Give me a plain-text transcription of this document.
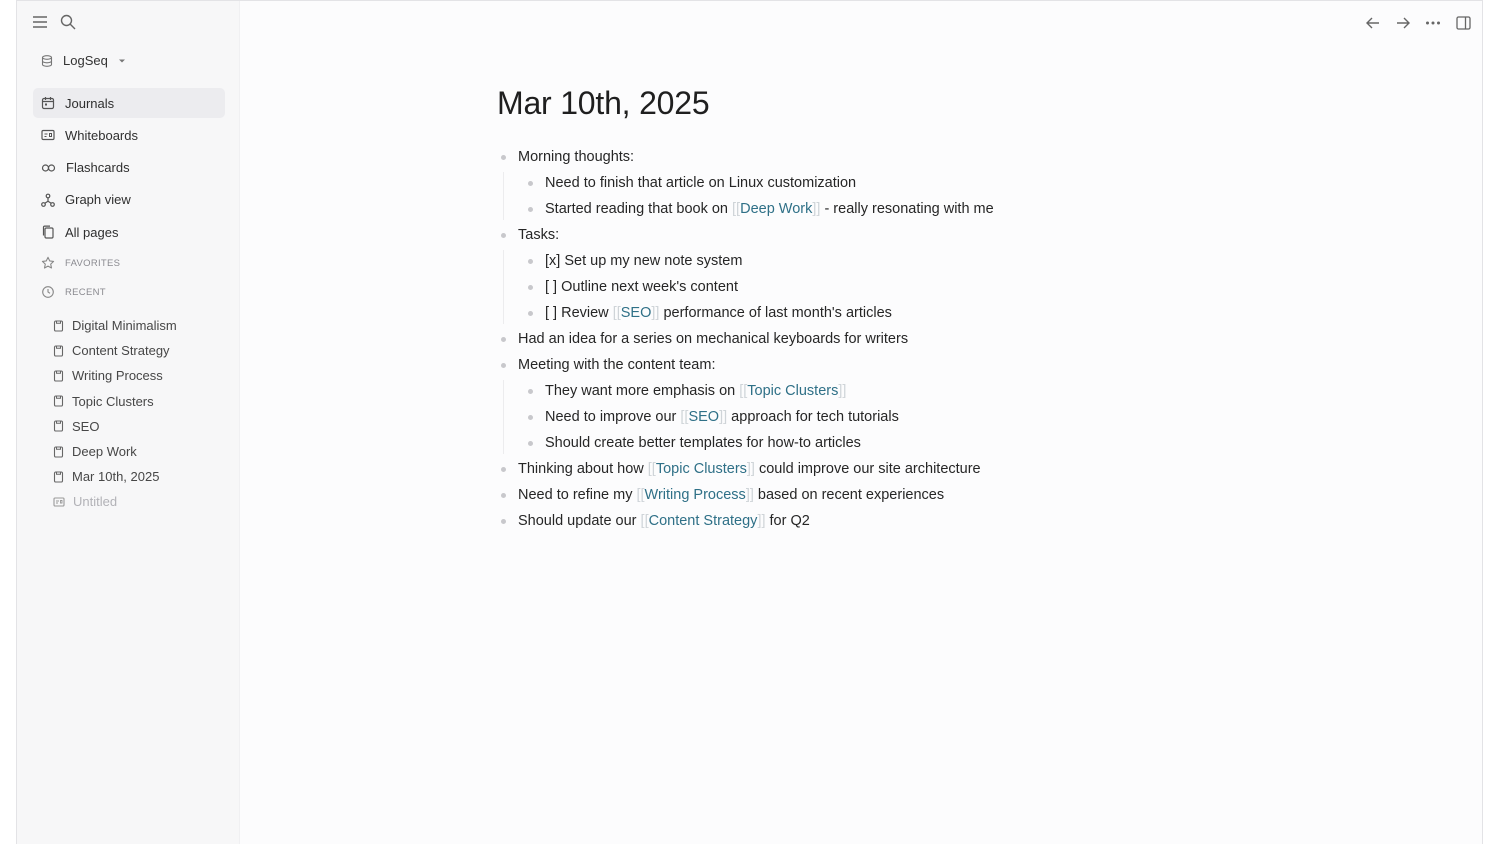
LogSeq
Journals
Whiteboards
Flashcards
Graph view
All pages
FAVORITES
RECENT
Digital Minimalism
Content Strategy
Writing Process
Topic Clusters
SEO
Deep Work
Mar 10th, 2025
Untitled
Mar 10th, 2025
Morning thoughts:
Need to finish that article on Linux customization
Started reading that book on [[Deep Work]] - really resonating with me
Tasks:
[x] Set up my new note system
[ ] Outline next week's content
[ ] Review [[SEO]] performance of last month's articles
Had an idea for a series on mechanical keyboards for writers
Meeting with the content team:
They want more emphasis on [[Topic Clusters]]
Need to improve our [[SEO]] approach for tech tutorials
Should create better templates for how-to articles
Thinking about how [[Topic Clusters]] could improve our site architecture
Need to refine my [[Writing Process]] based on recent experiences
Should update our [[Content Strategy]] for Q2
